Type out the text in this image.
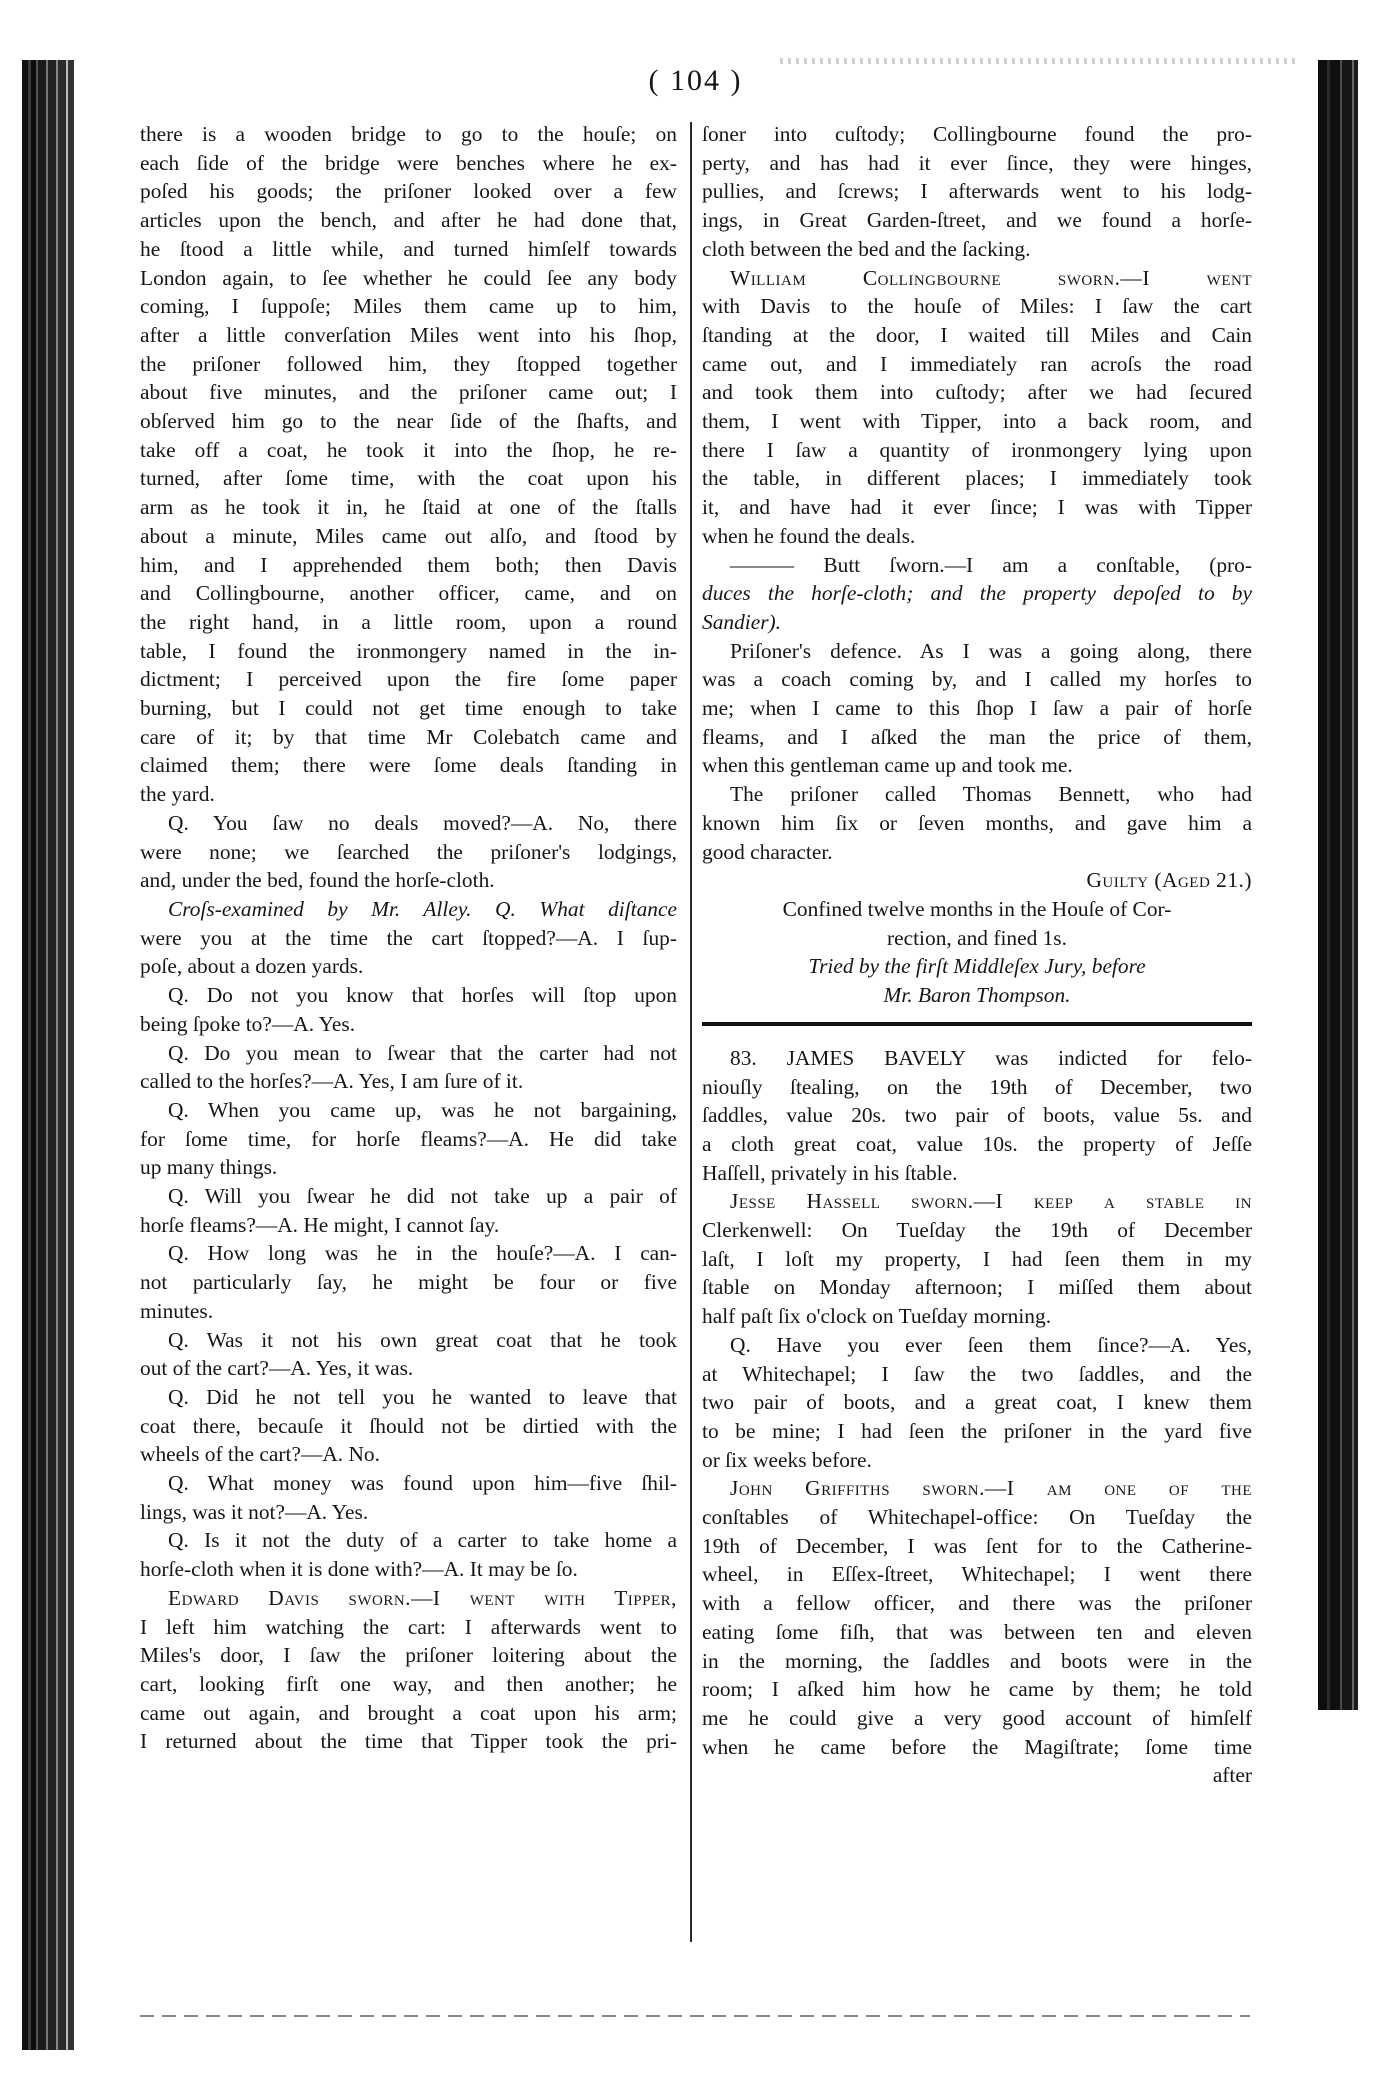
( 104 )
there is a wooden bridge to go to the houſe; on
each ſide of the bridge were benches where he ex-
poſed his goods; the priſoner looked over a few
articles upon the bench, and after he had done that,
he ſtood a little while, and turned himſelf towards
London again, to ſee whether he could ſee any body
coming, I ſuppoſe; Miles them came up to him,
after a little converſation Miles went into his ſhop,
the priſoner followed him, they ſtopped together
about five minutes, and the priſoner came out; I
obſerved him go to the near ſide of the ſhafts, and
take off a coat, he took it into the ſhop, he re-
turned, after ſome time, with the coat upon his
arm as he took it in, he ſtaid at one of the ſtalls
about a minute, Miles came out alſo, and ſtood by
him, and I apprehended them both; then Davis
and Collingbourne, another officer, came, and on
the right hand, in a little room, upon a round
table, I found the ironmongery named in the in-
dictment; I perceived upon the fire ſome paper
burning, but I could not get time enough to take
care of it; by that time Mr Colebatch came and
claimed them; there were ſome deals ſtanding in
the yard.
Q. You ſaw no deals moved?—A. No, there
were none; we ſearched the priſoner's lodgings,
and, under the bed, found the horſe-cloth.
Croſs-examined by Mr. Alley. Q. What diſtance
were you at the time the cart ſtopped?—A. I ſup-
poſe, about a dozen yards.
Q. Do not you know that horſes will ſtop upon
being ſpoke to?—A. Yes.
Q. Do you mean to ſwear that the carter had not
called to the horſes?—A. Yes, I am ſure of it.
Q. When you came up, was he not bargaining,
for ſome time, for horſe fleams?—A. He did take
up many things.
Q. Will you ſwear he did not take up a pair of
horſe fleams?—A. He might, I cannot ſay.
Q. How long was he in the houſe?—A. I can-
not particularly ſay, he might be four or five
minutes.
Q. Was it not his own great coat that he took
out of the cart?—A. Yes, it was.
Q. Did he not tell you he wanted to leave that
coat there, becauſe it ſhould not be dirtied with the
wheels of the cart?—A. No.
Q. What money was found upon him—five ſhil-
lings, was it not?—A. Yes.
Q. Is it not the duty of a carter to take home a
horſe-cloth when it is done with?—A. It may be ſo.
Edward Davis ſworn.—I went with Tipper,
I left him watching the cart: I afterwards went to
Miles's door, I ſaw the priſoner loitering about the
cart, looking firſt one way, and then another; he
came out again, and brought a coat upon his arm;
I returned about the time that Tipper took the pri-
ſoner into cuſtody; Collingbourne found the pro-
perty, and has had it ever ſince, they were hinges,
pullies, and ſcrews; I afterwards went to his lodg-
ings, in Great Garden-ſtreet, and we found a horſe-
cloth between the bed and the ſacking.
William Collingbourne ſworn.—I went
with Davis to the houſe of Miles: I ſaw the cart
ſtanding at the door, I waited till Miles and Cain
came out, and I immediately ran acroſs the road
and took them into cuſtody; after we had ſecured
them, I went with Tipper, into a back room, and
there I ſaw a quantity of ironmongery lying upon
the table, in different places; I immediately took
it, and have had it ever ſince; I was with Tipper
when he found the deals.
——— Butt ſworn.—I am a conſtable, (pro-
duces the horſe-cloth; and the property depoſed to by
Sandier).
Priſoner's defence. As I was a going along, there
was a coach coming by, and I called my horſes to
me; when I came to this ſhop I ſaw a pair of horſe
fleams, and I aſked the man the price of them,
when this gentleman came up and took me.
The priſoner called Thomas Bennett, who had
known him ſix or ſeven months, and gave him a
good character.
Guilty (Aged 21.)
Confined twelve months in the Houſe of Cor-
rection, and fined 1s.
Tried by the firſt Middleſex Jury, before
Mr. Baron Thompson.
83. JAMES BAVELY was indicted for felo-
niouſly ſtealing, on the 19th of December, two
ſaddles, value 20s. two pair of boots, value 5s. and
a cloth great coat, value 10s. the property of Jeſſe
Haſſell, privately in his ſtable.
Jesse Hassell ſworn.—I keep a ſtable in
Clerkenwell: On Tueſday the 19th of December
laſt, I loſt my property, I had ſeen them in my
ſtable on Monday afternoon; I miſſed them about
half paſt ſix o'clock on Tueſday morning.
Q. Have you ever ſeen them ſince?—A. Yes,
at Whitechapel; I ſaw the two ſaddles, and the
two pair of boots, and a great coat, I knew them
to be mine; I had ſeen the priſoner in the yard five
or ſix weeks before.
John Griffiths ſworn.—I am one of the
conſtables of Whitechapel-office: On Tueſday the
19th of December, I was ſent for to the Catherine-
wheel, in Eſſex-ſtreet, Whitechapel; I went there
with a fellow officer, and there was the priſoner
eating ſome fiſh, that was between ten and eleven
in the morning, the ſaddles and boots were in the
room; I aſked him how he came by them; he told
me he could give a very good account of himſelf
when he came before the Magiſtrate; ſome time
after
